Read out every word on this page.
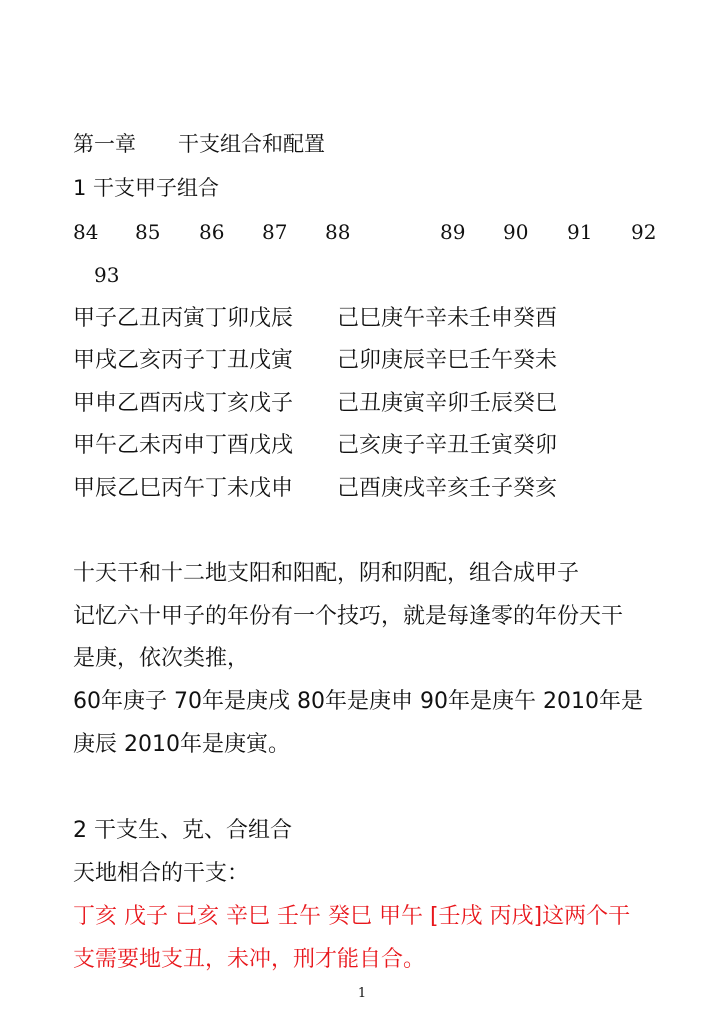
第一章　　干支组合和配置
1 干支甲子组合
84 85 86 87 88	89 90 91 92
93
甲子乙丑丙寅丁卯戊辰 己巳庚午辛未壬申癸酉
甲戌乙亥丙子丁丑戊寅 己卯庚辰辛巳壬午癸未
甲申乙酉丙戌丁亥戊子 己丑庚寅辛卯壬辰癸巳
甲午乙未丙申丁酉戊戌 己亥庚子辛丑壬寅癸卯
甲辰乙巳丙午丁未戊申 己酉庚戌辛亥壬子癸亥
十天干和十二地支阳和阳配，阴和阴配，组合成甲子
记忆六十甲子的年份有一个技巧，就是每逢零的年份天干
是庚，依次类推，
60年庚子 70年是庚戌 80年是庚申 90年是庚午 2010年是
庚辰 2010年是庚寅。
2 干支生、克、合组合
天地相合的干支：
丁亥 戊子 己亥 辛巳 壬午 癸巳 甲午 [壬戌 丙戌]这两个干
支需要地支丑，未冲，刑才能自合。
1
